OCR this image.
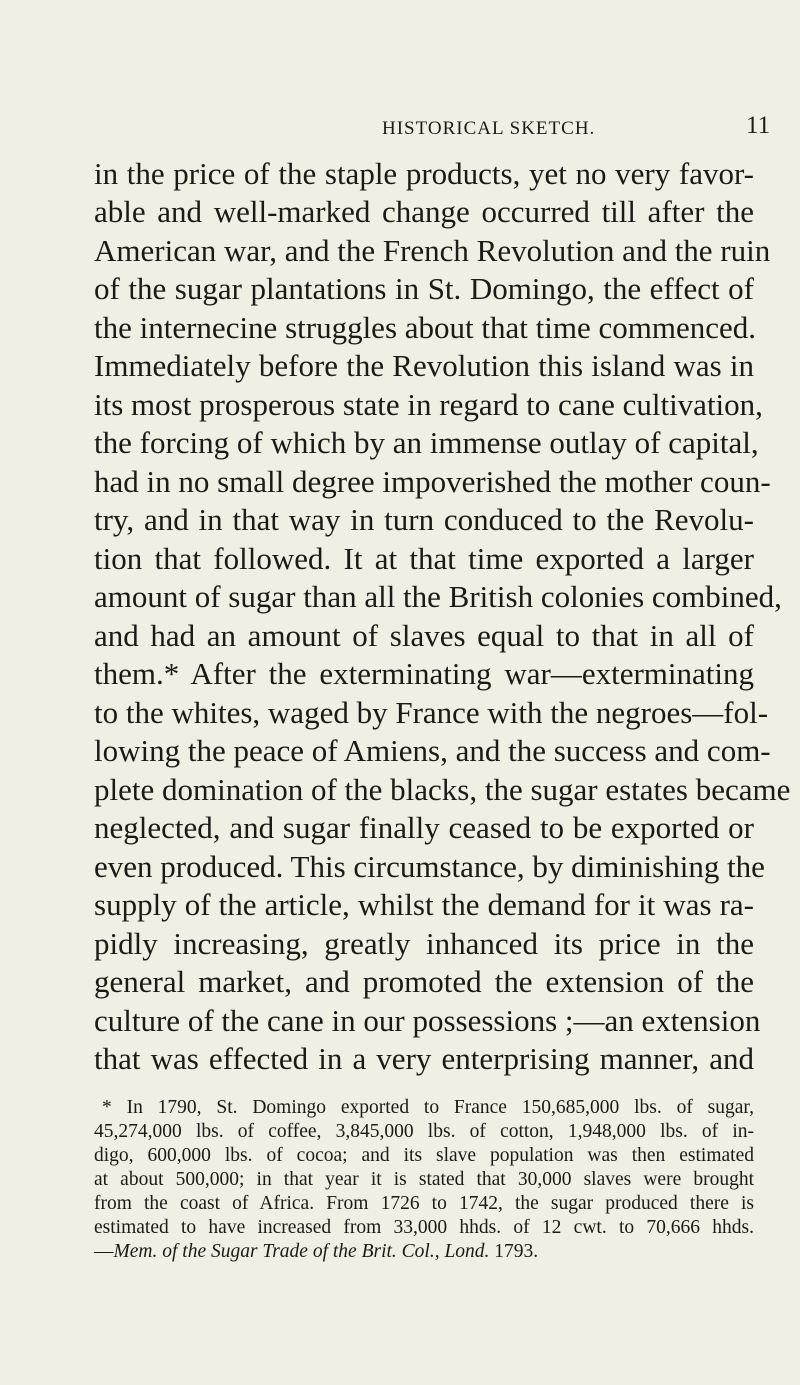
HISTORICAL SKETCH.	11
in the price of the staple products, yet no very favor-
able and well-marked change occurred till after the
American war, and the French Revolution and the ruin
of the sugar plantations in St. Domingo, the effect of
the internecine struggles about that time commenced.
Immediately before the Revolution this island was in
its most prosperous state in regard to cane cultivation,
the forcing of which by an immense outlay of capital,
had in no small degree impoverished the mother coun-
try, and in that way in turn conduced to the Revolu-
tion that followed. It at that time exported a larger
amount of sugar than all the British colonies combined,
and had an amount of slaves equal to that in all of
them.* After the exterminating war—exterminating
to the whites, waged by France with the negroes—fol-
lowing the peace of Amiens, and the success and com-
plete domination of the blacks, the sugar estates became
neglected, and sugar finally ceased to be exported or
even produced. This circumstance, by diminishing the
supply of the article, whilst the demand for it was ra-
pidly increasing, greatly inhanced its price in the
general market, and promoted the extension of the
culture of the cane in our possessions ;—an extension
that was effected in a very enterprising manner, and
* In 1790, St. Domingo exported to France 150,685,000 lbs. of sugar,
45,274,000 lbs. of coffee, 3,845,000 lbs. of cotton, 1,948,000 lbs. of in-
digo, 600,000 lbs. of cocoa; and its slave population was then estimated
at about 500,000; in that year it is stated that 30,000 slaves were brought
from the coast of Africa. From 1726 to 1742, the sugar produced there is
estimated to have increased from 33,000 hhds. of 12 cwt. to 70,666 hhds.
—Mem. of the Sugar Trade of the Brit. Col., Lond. 1793.
